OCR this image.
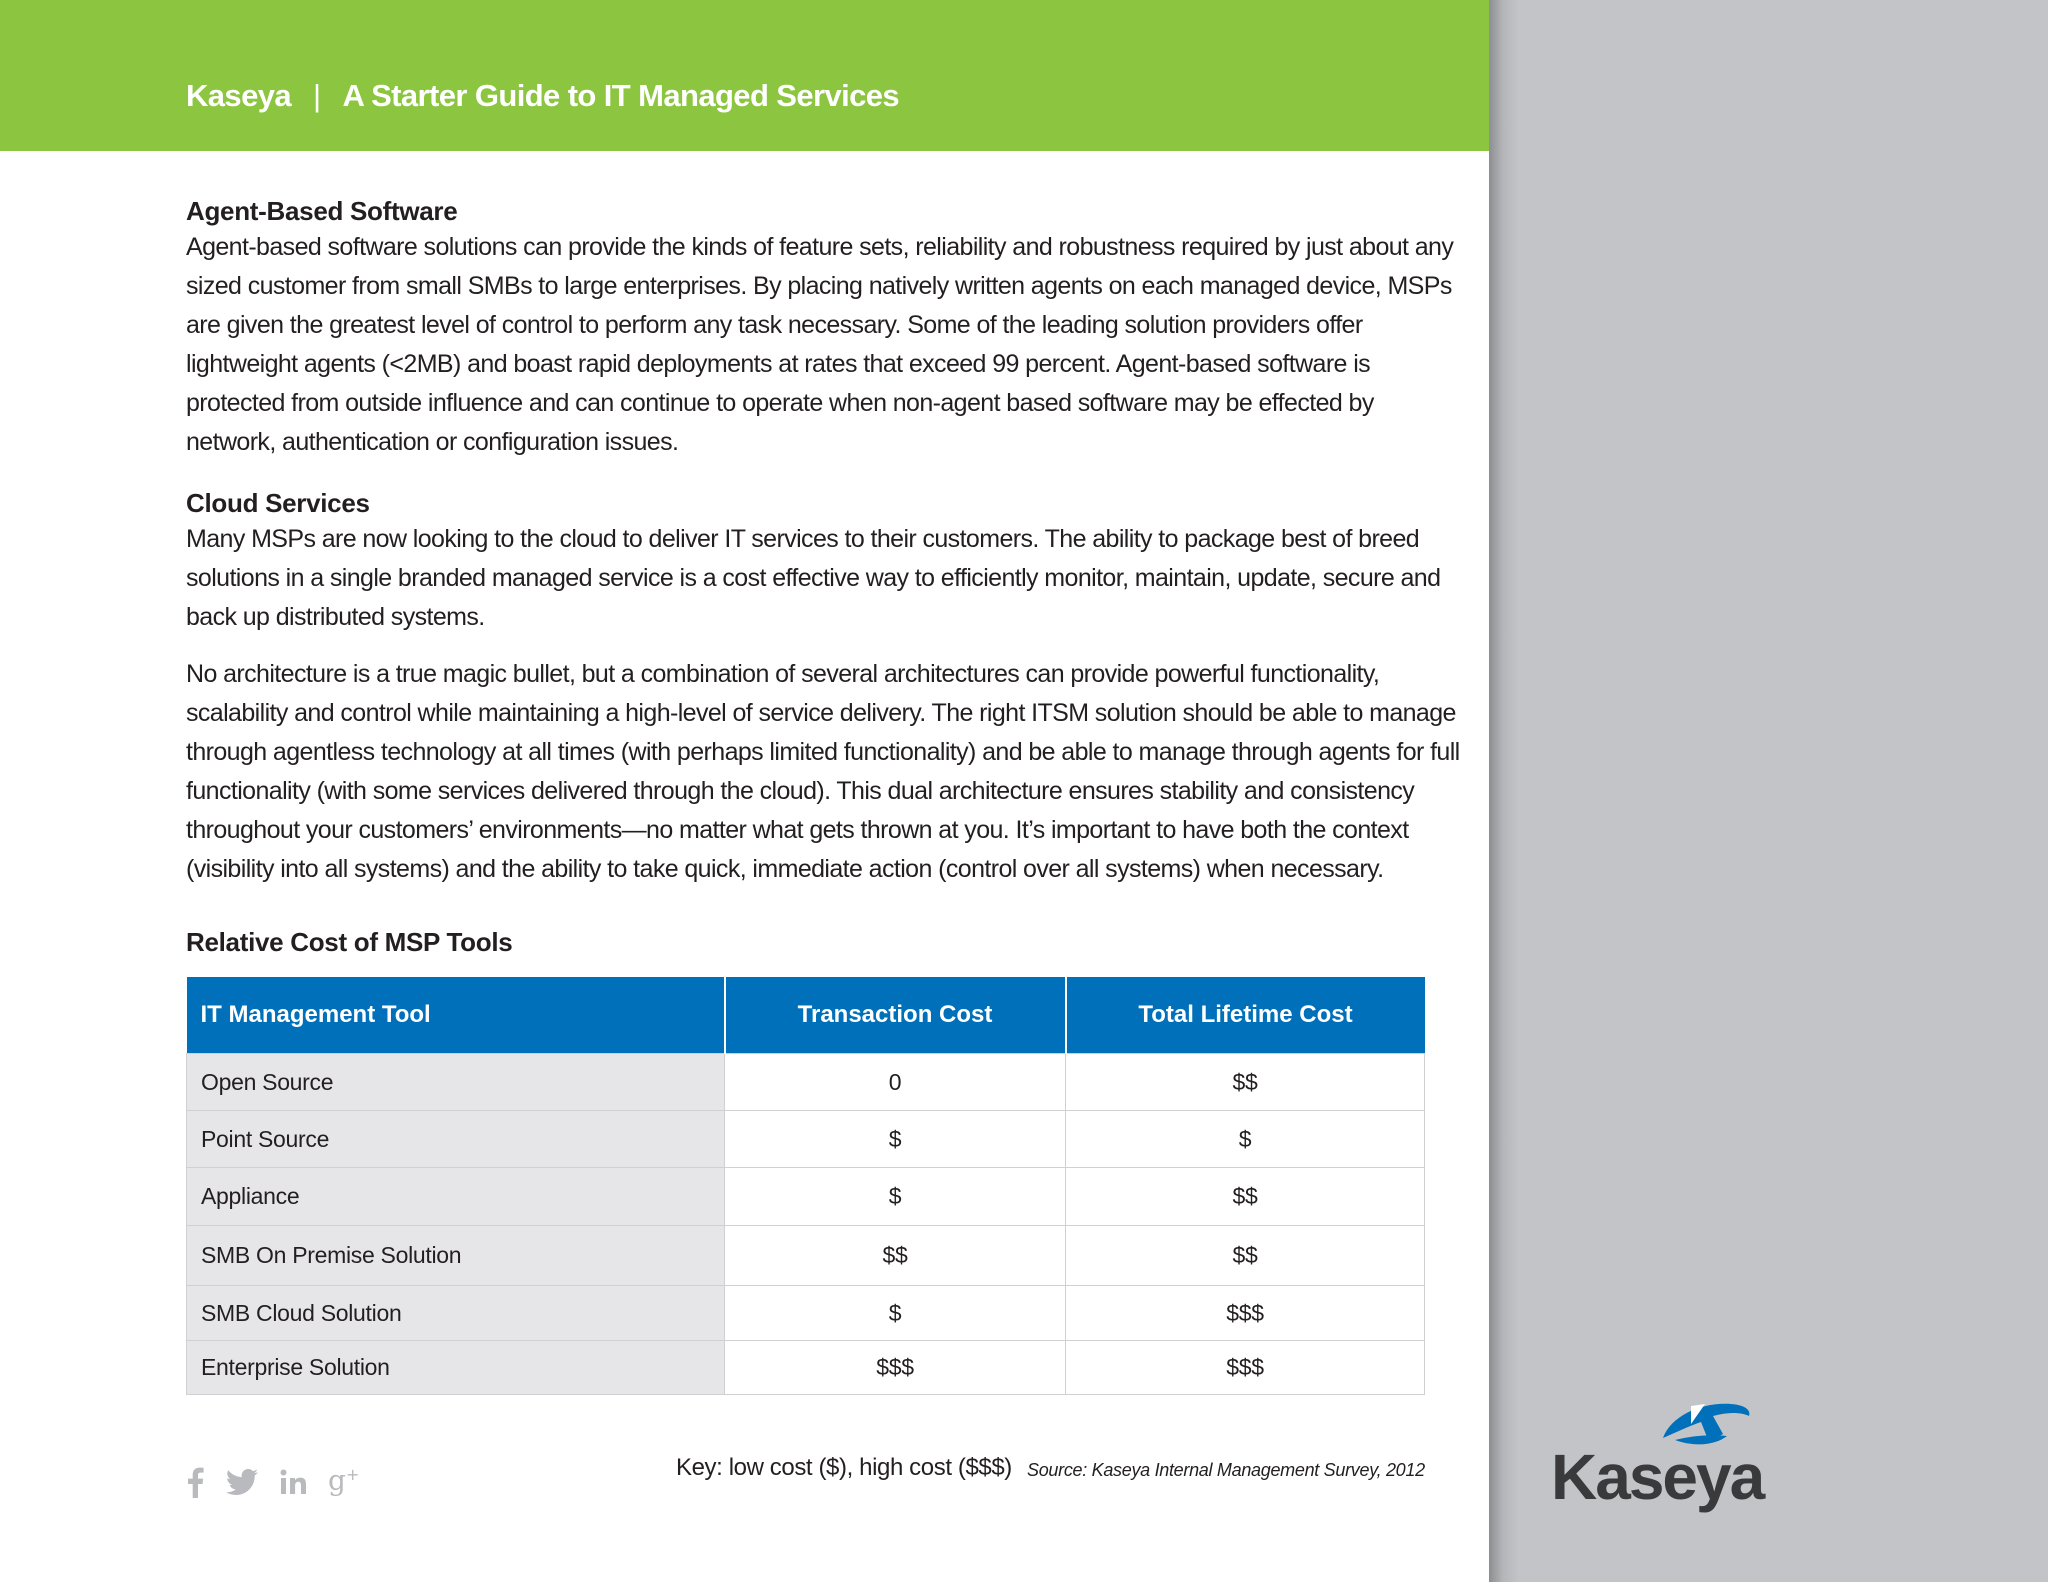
Kaseya | A Starter Guide to IT Managed Services

Agent-Based Software

Agent-based software solutions can provide the kinds of feature sets, reliability and robustness required by just about any sized customer from small SMBs to large enterprises. By placing natively written agents on each managed device, MSPs are given the greatest level of control to perform any task necessary. Some of the leading solution providers offer lightweight agents (<2MB) and boast rapid deployments at rates that exceed 99 percent. Agent-based software is protected from outside influence and can continue to operate when non-agent based software may be effected by network, authentication or configuration issues.

Cloud Services

Many MSPs are now looking to the cloud to deliver IT services to their customers. The ability to package best of breed solutions in a single branded managed service is a cost effective way to efficiently monitor, maintain, update, secure and back up distributed systems.

No architecture is a true magic bullet, but a combination of several architectures can provide powerful functionality, scalability and control while maintaining a high-level of service delivery. The right ITSM solution should be able to manage through agentless technology at all times (with perhaps limited functionality) and be able to manage through agents for full functionality (with some services delivered through the cloud). This dual architecture ensures stability and consistency throughout your customers’ environments—no matter what gets thrown at you. It’s important to have both the context (visibility into all systems) and the ability to take quick, immediate action (control over all systems) when necessary.

Relative Cost of MSP Tools

IT Management Tool	Transaction Cost	Total Lifetime Cost
Open Source	0	$$
Point Source	$	$
Appliance	$	$$
SMB On Premise Solution	$$	$$
SMB Cloud Solution	$	$$$
Enterprise Solution	$$$	$$$
g +	Key: low cost ($), high cost ($$$) Source: Kaseya Internal Management Survey, 2012 Kaseya
